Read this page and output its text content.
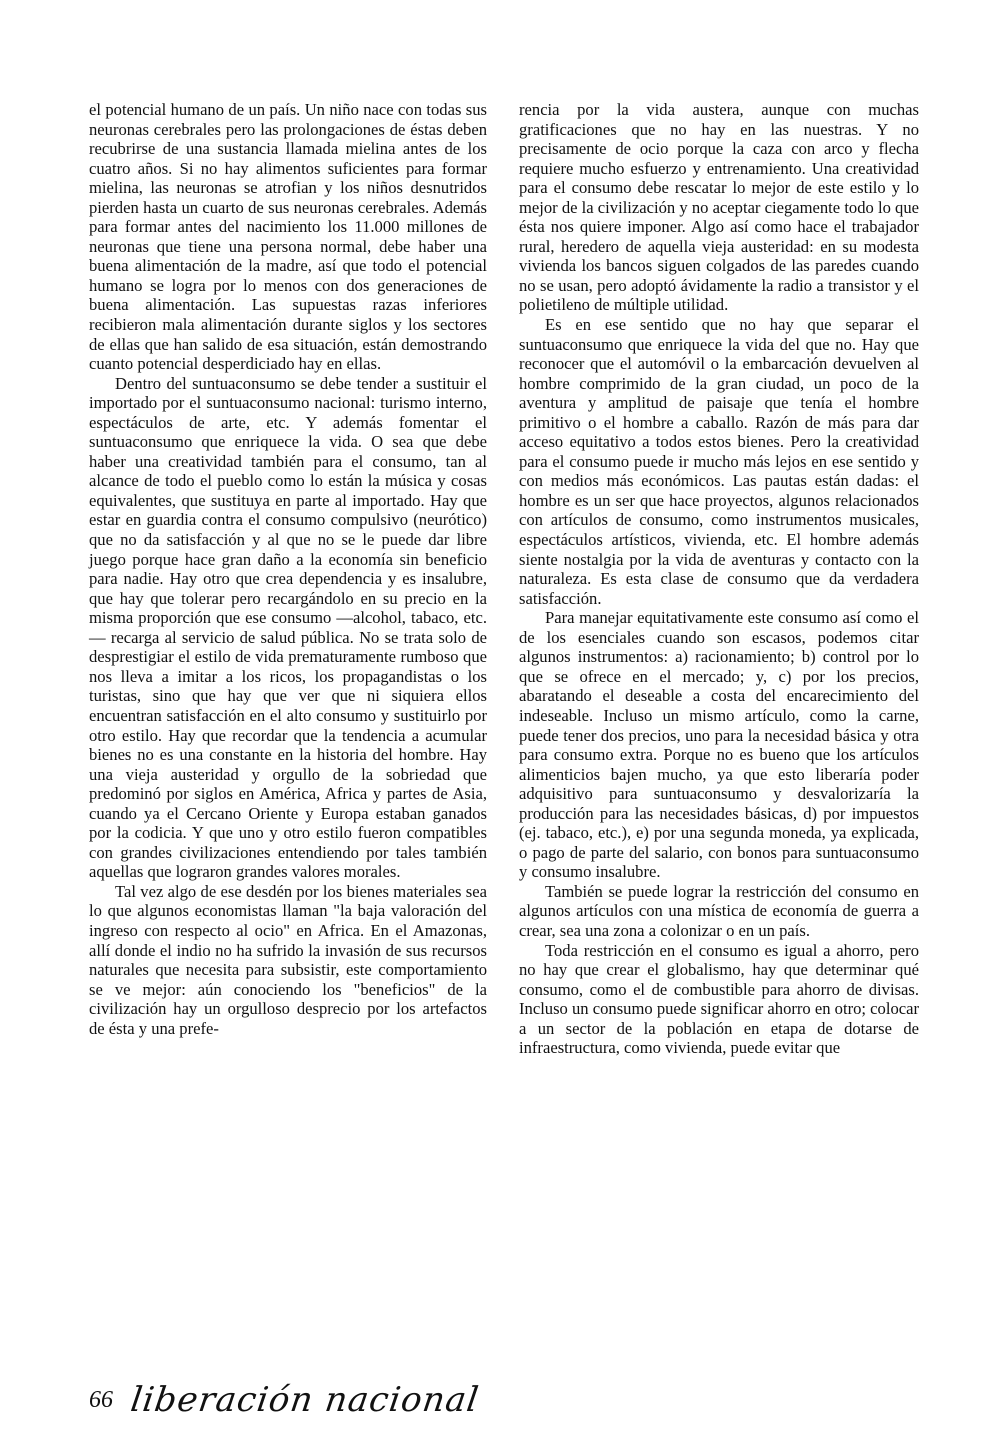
el potencial humano de un país. Un niño nace con todas sus neuronas cerebrales pero las prolongaciones de éstas deben recubrirse de una sustancia llamada mielina antes de los cuatro años. Si no hay alimentos suficientes para formar mielina, las neuronas se atrofian y los niños desnutridos pierden hasta un cuarto de sus neuronas cerebrales. Además para formar antes del nacimiento los 11.000 millones de neuronas que tiene una persona normal, debe haber una buena alimentación de la madre, así que todo el potencial humano se logra por lo menos con dos generaciones de buena alimentación. Las supuestas razas inferiores recibieron mala alimentación durante siglos y los sectores de ellas que han salido de esa situación, están demostrando cuanto potencial desperdiciado hay en ellas.

Dentro del suntuaconsumo se debe tender a sustituir el importado por el suntuaconsumo nacional: turismo interno, espectáculos de arte, etc. Y además fomentar el suntuaconsumo que enriquece la vida. O sea que debe haber una creatividad también para el consumo, tan al alcance de todo el pueblo como lo están la música y cosas equivalentes, que sustituya en parte al importado. Hay que estar en guardia contra el consumo compulsivo (neurótico) que no da satisfacción y al que no se le puede dar libre juego porque hace gran daño a la economía sin beneficio para nadie. Hay otro que crea dependencia y es insalubre, que hay que tolerar pero recargándolo en su precio en la misma proporción que ese consumo —alcohol, tabaco, etc.— recarga al servicio de salud pública. No se trata solo de desprestigiar el estilo de vida prematuramente rumboso que nos lleva a imitar a los ricos, los propagandistas o los turistas, sino que hay que ver que ni siquiera ellos encuentran satisfacción en el alto consumo y sustituirlo por otro estilo. Hay que recordar que la tendencia a acumular bienes no es una constante en la historia del hombre. Hay una vieja austeridad y orgullo de la sobriedad que predominó por siglos en América, Africa y partes de Asia, cuando ya el Cercano Oriente y Europa estaban ganados por la codicia. Y que uno y otro estilo fueron compatibles con grandes civilizaciones entendiendo por tales también aquellas que lograron grandes valores morales.

Tal vez algo de ese desdén por los bienes materiales sea lo que algunos economistas llaman "la baja valoración del ingreso con respecto al ocio" en Africa. En el Amazonas, allí donde el indio no ha sufrido la invasión de sus recursos naturales que necesita para subsistir, este comportamiento se ve mejor: aún conociendo los "beneficios" de la civilización hay un orgulloso desprecio por los artefactos de ésta y una prefe-

rencia por la vida austera, aunque con muchas gratificaciones que no hay en las nuestras. Y no precisamente de ocio porque la caza con arco y flecha requiere mucho esfuerzo y entrenamiento. Una creatividad para el consumo debe rescatar lo mejor de este estilo y lo mejor de la civilización y no aceptar ciegamente todo lo que ésta nos quiere imponer. Algo así como hace el trabajador rural, heredero de aquella vieja austeridad: en su modesta vivienda los bancos siguen colgados de las paredes cuando no se usan, pero adoptó ávidamente la radio a transistor y el polietileno de múltiple utilidad.

Es en ese sentido que no hay que separar el suntuaconsumo que enriquece la vida del que no. Hay que reconocer que el automóvil o la embarcación devuelven al hombre comprimido de la gran ciudad, un poco de la aventura y amplitud de paisaje que tenía el hombre primitivo o el hombre a caballo. Razón de más para dar acceso equitativo a todos estos bienes. Pero la creatividad para el consumo puede ir mucho más lejos en ese sentido y con medios más económicos. Las pautas están dadas: el hombre es un ser que hace proyectos, algunos relacionados con artículos de consumo, como instrumentos musicales, espectáculos artísticos, vivienda, etc. El hombre además siente nostalgia por la vida de aventuras y contacto con la naturaleza. Es esta clase de consumo que da verdadera satisfacción.

Para manejar equitativamente este consumo así como el de los esenciales cuando son escasos, podemos citar algunos instrumentos: a) racionamiento; b) control por lo que se ofrece en el mercado; y, c) por los precios, abaratando el deseable a costa del encarecimiento del indeseable. Incluso un mismo artículo, como la carne, puede tener dos precios, uno para la necesidad básica y otra para consumo extra. Porque no es bueno que los artículos alimenticios bajen mucho, ya que esto liberaría poder adquisitivo para suntuaconsumo y desvalorizaría la producción para las necesidades básicas, d) por impuestos (ej. tabaco, etc.), e) por una segunda moneda, ya explicada, o pago de parte del salario, con bonos para suntuaconsumo y consumo insalubre.

También se puede lograr la restricción del consumo en algunos artículos con una mística de economía de guerra a crear, sea una zona a colonizar o en un país.

Toda restricción en el consumo es igual a ahorro, pero no hay que crear el globalismo, hay que determinar qué consumo, como el de combustible para ahorro de divisas. Incluso un consumo puede significar ahorro en otro; colocar a un sector de la población en etapa de dotarse de infraestructura, como vivienda, puede evitar que

66 liberación nacional
